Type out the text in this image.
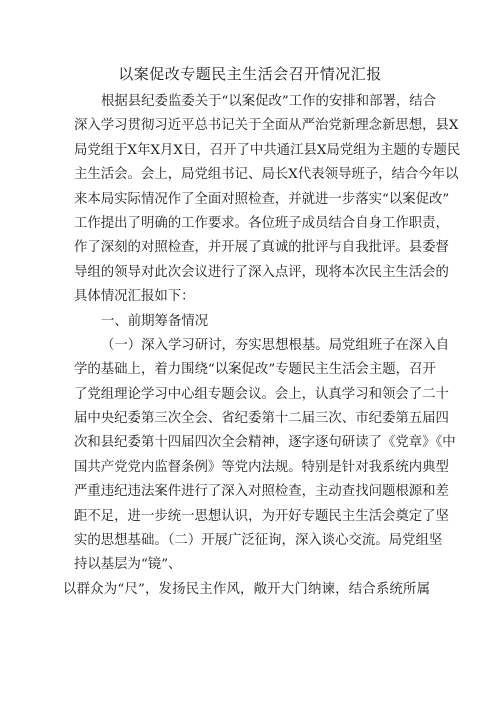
以案促改专题民主生活会召开情况汇报
根据县纪委监委关于“以案促改”工作的安排和部署，结合
深入学习贯彻习近平总书记关于全面从严治党新理念新思想，县X
局党组于X年X月X日，召开了中共通江县X局党组为主题的专题民
主生活会。会上，局党组书记、局长X代表领导班子，结合今年以
来本局实际情况作了全面对照检查，并就进一步落实“以案促改”
工作提出了明确的工作要求。各位班子成员结合自身工作职责，
作了深刻的对照检查，并开展了真诚的批评与自我批评。县委督
导组的领导对此次会议进行了深入点评，现将本次民主生活会的
具体情况汇报如下：
一、前期筹备情况
（一）深入学习研讨，夯实思想根基。局党组班子在深入自
学的基础上，着力围绕“以案促改”专题民主生活会主题，召开
了党组理论学习中心组专题会议。会上，认真学习和领会了二十
届中央纪委第三次全会、省纪委第十二届三次、市纪委第五届四
次和县纪委第十四届四次全会精神，逐字逐句研读了《党章》《中
国共产党党内监督条例》等党内法规。特别是针对我系统内典型
严重违纪违法案件进行了深入对照检查，主动查找问题根源和差
距不足，进一步统一思想认识，为开好专题民主生活会奠定了坚
实的思想基础。（二）开展广泛征询，深入谈心交流。局党组坚
持以基层为“镜”、
以群众为“尺”，发扬民主作风，敞开大门纳谏，结合系统所属
